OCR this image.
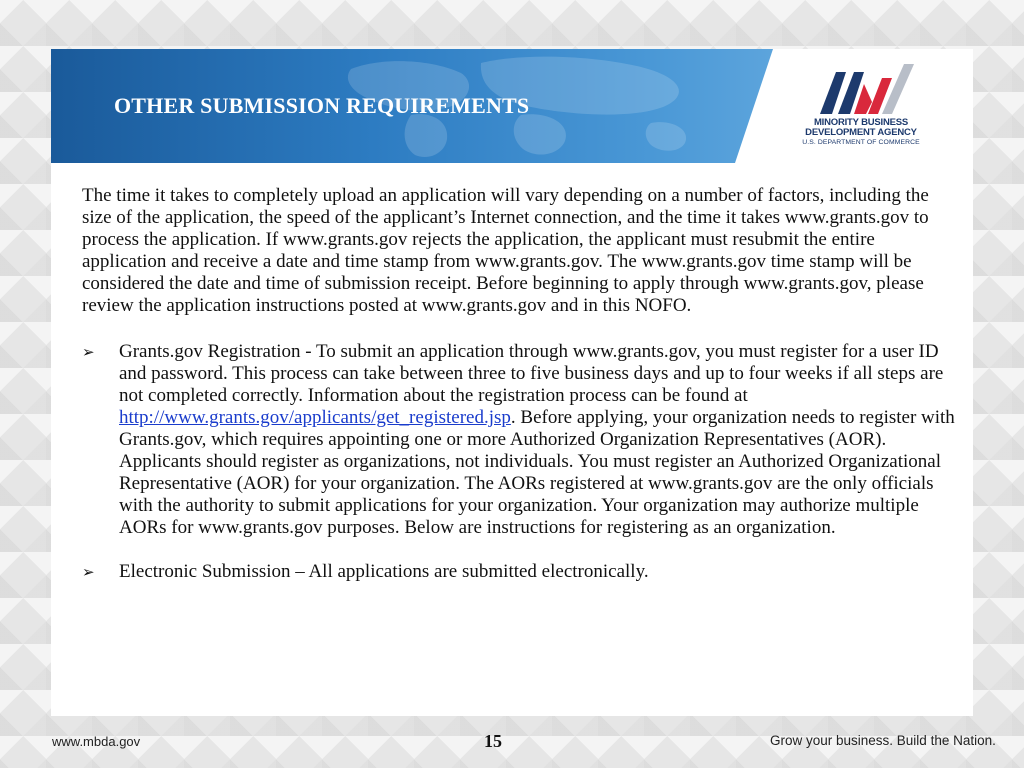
OTHER SUBMISSION REQUIREMENTS
MINORITY BUSINESS
DEVELOPMENT AGENCY
U.S. DEPARTMENT OF COMMERCE

The time it takes to completely upload an application will vary depending on a number of factors, including the size of the application, the speed of the applicant’s Internet connection, and the time it takes www.grants.gov to process the application. If www.grants.gov rejects the application, the applicant must resubmit the entire application and receive a date and time stamp from www.grants.gov. The www.grants.gov time stamp will be considered the date and time of submission receipt. Before beginning to apply through www.grants.gov, please review the application instructions posted at www.grants.gov and in this NOFO.

➢ Grants.gov Registration - To submit an application through www.grants.gov, you must register for a user ID and password. This process can take between three to five business days and up to four weeks if all steps are not completed correctly. Information about the registration process can be found at http://www.grants.gov/applicants/get_registered.jsp. Before applying, your organization needs to register with Grants.gov, which requires appointing one or more Authorized Organization Representatives (AOR). Applicants should register as organizations, not individuals. You must register an Authorized Organizational Representative (AOR) for your organization. The AORs registered at www.grants.gov are the only officials with the authority to submit applications for your organization. Your organization may authorize multiple AORs for www.grants.gov purposes. Below are instructions for registering as an organization.
➢ Electronic Submission – All applications are submitted electronically.
www.mbda.gov	15	Grow your business. Build the Nation.
